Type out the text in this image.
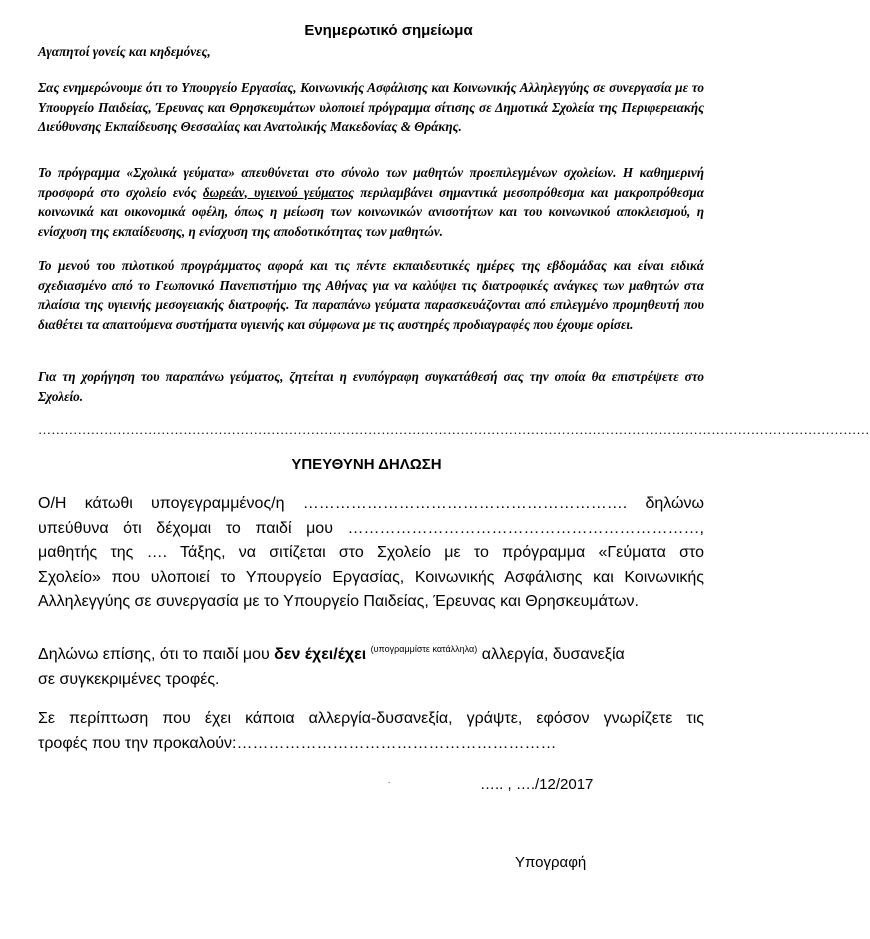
Ενημερωτικό σημείωμα
Αγαπητοί γονείς και κηδεμόνες,
Σας ενημερώνουμε ότι το Υπουργείο Εργασίας, Κοινωνικής Ασφάλισης και Κοινωνικής Αλληλεγγύης σε συνεργασία με το Υπουργείο Παιδείας, Έρευνας και Θρησκευμάτων υλοποιεί πρόγραμμα σίτισης σε Δημοτικά Σχολεία της Περιφερειακής Διεύθυνσης Εκπαίδευσης Θεσσαλίας και Ανατολικής Μακεδονίας & Θράκης.
Το πρόγραμμα «Σχολικά γεύματα» απευθύνεται στο σύνολο των μαθητών προεπιλεγμένων σχολείων. Η καθημερινή προσφορά στο σχολείο ενός δωρεάν, υγιεινού γεύματος περιλαμβάνει σημαντικά μεσοπρόθεσμα και μακροπρόθεσμα κοινωνικά και οικονομικά οφέλη, όπως η μείωση των κοινωνικών ανισοτήτων και του κοινωνικού αποκλεισμού, η ενίσχυση της εκπαίδευσης, η ενίσχυση της αποδοτικότητας των μαθητών.
Το μενού του πιλοτικού προγράμματος αφορά και τις πέντε εκπαιδευτικές ημέρες της εβδομάδας και είναι ειδικά σχεδιασμένο από το Γεωπονικό Πανεπιστήμιο της Αθήνας για να καλύψει τις διατροφικές ανάγκες των μαθητών στα πλαίσια της υγιεινής μεσογειακής διατροφής. Τα παραπάνω γεύματα παρασκευάζονται από επιλεγμένο προμηθευτή που διαθέτει τα απαιτούμενα συστήματα υγιεινής και σύμφωνα με τις αυστηρές προδιαγραφές που έχουμε ορίσει.
Για τη χορήγηση του παραπάνω γεύματος, ζητείται η ενυπόγραφη συγκατάθεσή σας την οποία θα επιστρέψετε στο Σχολείο.
………………………………………………………………………………………………………………………………………………………………………
ΥΠΕΥΘΥΝΗ ΔΗΛΩΣΗ
Ο/Η κάτωθι υπογεγραμμένος/η ……………………………………………………. δηλώνω
υπεύθυνα ότι δέχομαι το παιδί μου …………………………………………………………,
μαθητής της …. Τάξης, να σιτίζεται στο Σχολείο με το πρόγραμμα «Γεύματα στο
Σχολείο» που υλοποιεί το Υπουργείο Εργασίας, Κοινωνικής Ασφάλισης και Κοινωνικής
Αλληλεγγύης σε συνεργασία με το Υπουργείο Παιδείας, Έρευνας και Θρησκευμάτων.
Δηλώνω επίσης, ότι το παιδί μου δεν έχει/έχει $^{(\upsilon\pi o\gamma\rho\alpha\mu\mu ί\sigma\tau\varepsilon \kappa\alpha\tau ά\lambda\lambda\eta\lambda\alpha)}$ αλλεργία, δυσανεξία
σε συγκεκριμένες τροφές.
Σε περίπτωση που έχει κάποια αλλεργία-δυσανεξία, γράψτε, εφόσον γνωρίζετε τις
τροφές που την προκαλούν:……………………………………………………
.	….. , …./12/2017
Υπογραφή
